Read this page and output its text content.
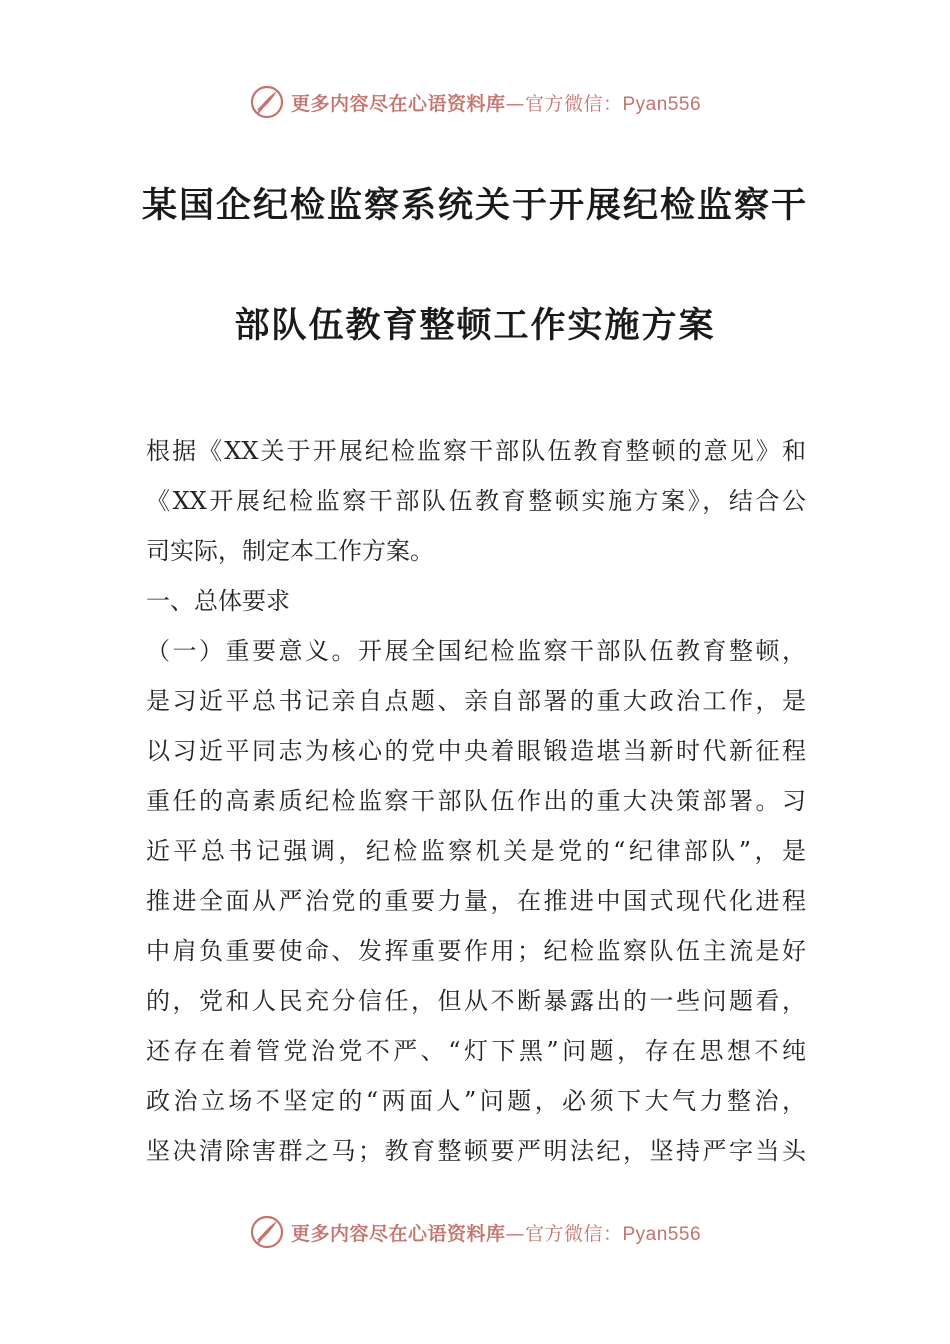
更多内容尽在心语资料库—官方微信：Pyan556
某国企纪检监察系统关于开展纪检监察干
部队伍教育整顿工作实施方案
根据《XX关于开展纪检监察干部队伍教育整顿的意见》和
《XX开展纪检监察干部队伍教育整顿实施方案》，结合公
司实际，制定本工作方案。
一、总体要求
（一）重要意义。开展全国纪检监察干部队伍教育整顿，
是习近平总书记亲自点题、亲自部署的重大政治工作，是
以习近平同志为核心的党中央着眼锻造堪当新时代新征程
重任的高素质纪检监察干部队伍作出的重大决策部署。习
近平总书记强调，纪检监察机关是党的“纪律部队”，是
推进全面从严治党的重要力量，在推进中国式现代化进程
中肩负重要使命、发挥重要作用；纪检监察队伍主流是好
的，党和人民充分信任，但从不断暴露出的一些问题看，
还存在着管党治党不严、“灯下黑”问题，存在思想不纯
政治立场不坚定的“两面人”问题，必须下大气力整治，
坚决清除害群之马；教育整顿要严明法纪，坚持严字当头
更多内容尽在心语资料库—官方微信：Pyan556
